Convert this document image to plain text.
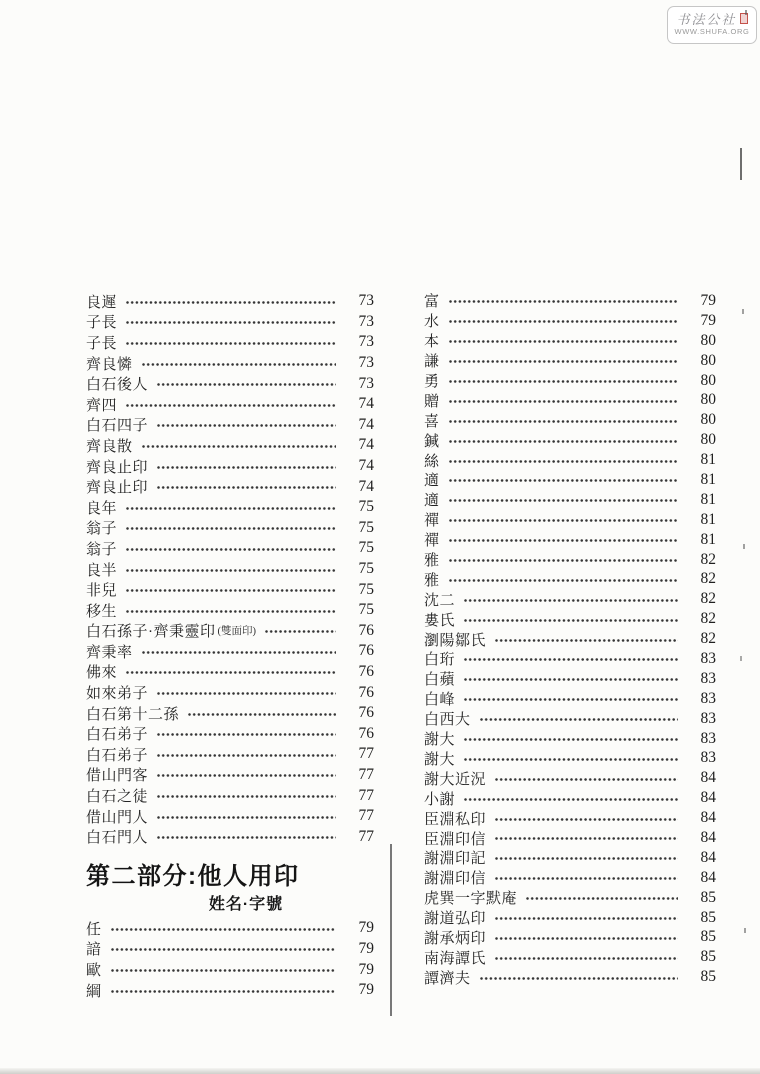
书法公社
WWW.SHUFA.ORG
良遲	73
子長	73
子長	73
齊良憐	73
白石後人	73
齊四	74
白石四子	74
齊良散	74
齊良止印	74
齊良止印	74
良年	75
翁子	75
翁子	75
良半	75
非兒	75
移生	75
白石孫子·齊秉靈印 (雙面印)	76
齊秉率	76
佛來	76
如來弟子	76
白石第十二孫	76
白石弟子	76
白石弟子	77
借山門客	77
白石之徒	77
借山門人	77
白石門人	77
第二部分:他人用印
姓名·字號
任	79
諳	79
歐	79
綱	79
富	79
水	79
本	80
謙	80
勇	80
贈	80
喜	80
鍼	80
絲	81
適	81
適	81
禪	81
禪	81
雅	82
雅	82
沈二	82
婁氏	82
瀏陽鄒氏	82
白珩	83
白蘋	83
白峰	83
白西大	83
謝大	83
謝大	83
謝大近況	84
小謝	84
臣淵私印	84
臣淵印信	84
謝淵印記	84
謝淵印信	84
虎巽一字默庵	85
謝道弘印	85
謝承炳印	85
南海譚氏	85
譚濟夫	85
